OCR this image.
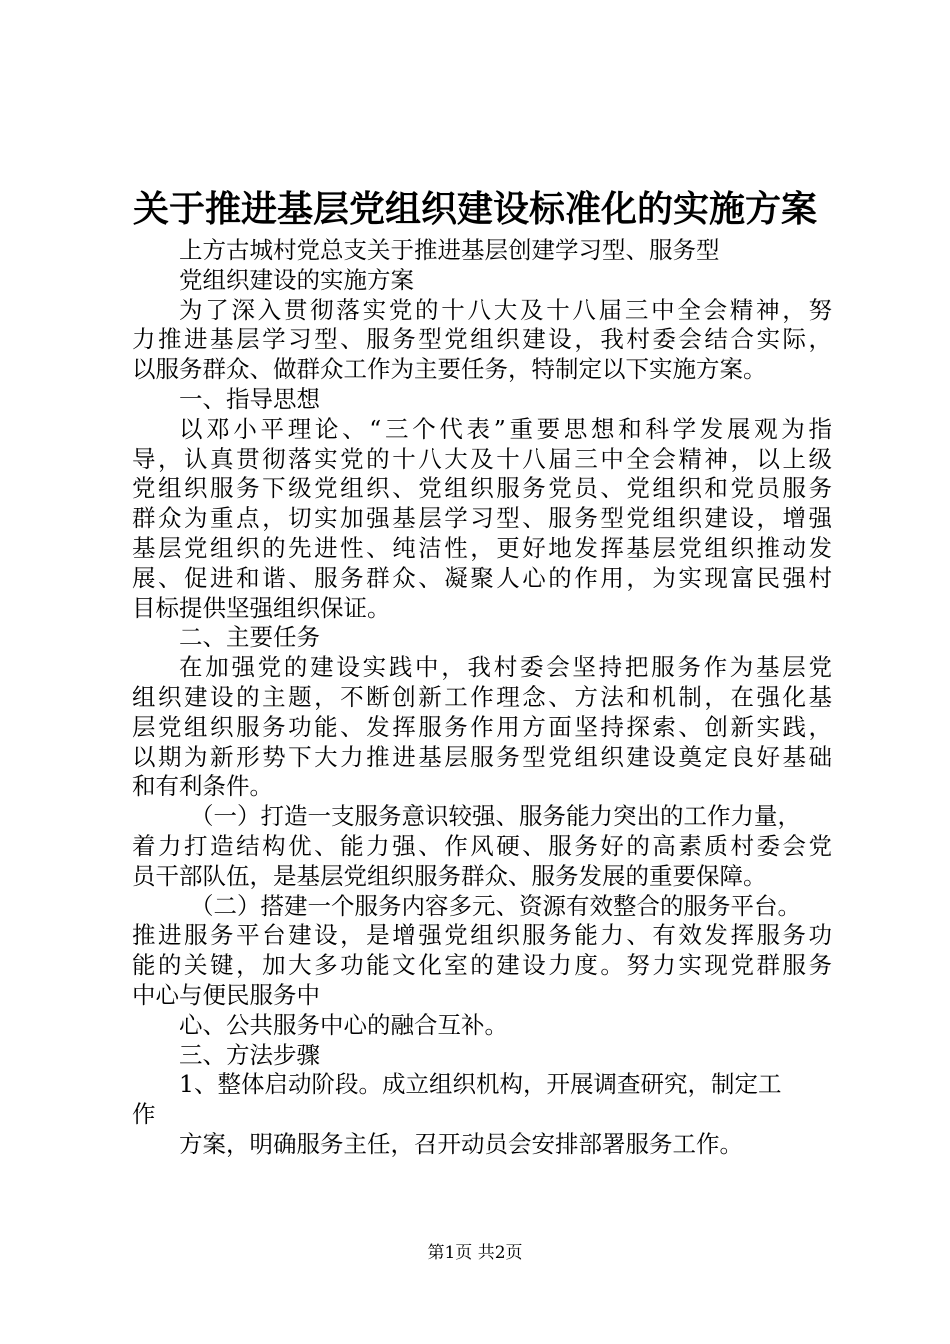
关于推进基层党组织建设标准化的实施方案
上方古城村党总支关于推进基层创建学习型、服务型
党组织建设的实施方案
为了深入贯彻落实党的十八大及十八届三中全会精神，努
力推进基层学习型、服务型党组织建设，我村委会结合实际，
以服务群众、做群众工作为主要任务，特制定以下实施方案。
一、指导思想
以邓小平理论、“三个代表”重要思想和科学发展观为指
导，认真贯彻落实党的十八大及十八届三中全会精神，以上级
党组织服务下级党组织、党组织服务党员、党组织和党员服务
群众为重点，切实加强基层学习型、服务型党组织建设，增强
基层党组织的先进性、纯洁性，更好地发挥基层党组织推动发
展、促进和谐、服务群众、凝聚人心的作用，为实现富民强村
目标提供坚强组织保证。
二、主要任务
在加强党的建设实践中，我村委会坚持把服务作为基层党
组织建设的主题，不断创新工作理念、方法和机制，在强化基
层党组织服务功能、发挥服务作用方面坚持探索、创新实践，
以期为新形势下大力推进基层服务型党组织建设奠定良好基础
和有利条件。
（一）打造一支服务意识较强、服务能力突出的工作力量，
着力打造结构优、能力强、作风硬、服务好的高素质村委会党
员干部队伍，是基层党组织服务群众、服务发展的重要保障。
（二）搭建一个服务内容多元、资源有效整合的服务平台。
推进服务平台建设，是增强党组织服务能力、有效发挥服务功
能的关键，加大多功能文化室的建设力度。努力实现党群服务
中心与便民服务中
心、公共服务中心的融合互补。
三、方法步骤
1、整体启动阶段。成立组织机构，开展调查研究，制定工
作
方案，明确服务主任，召开动员会安排部署服务工作。
第1页 共2页
